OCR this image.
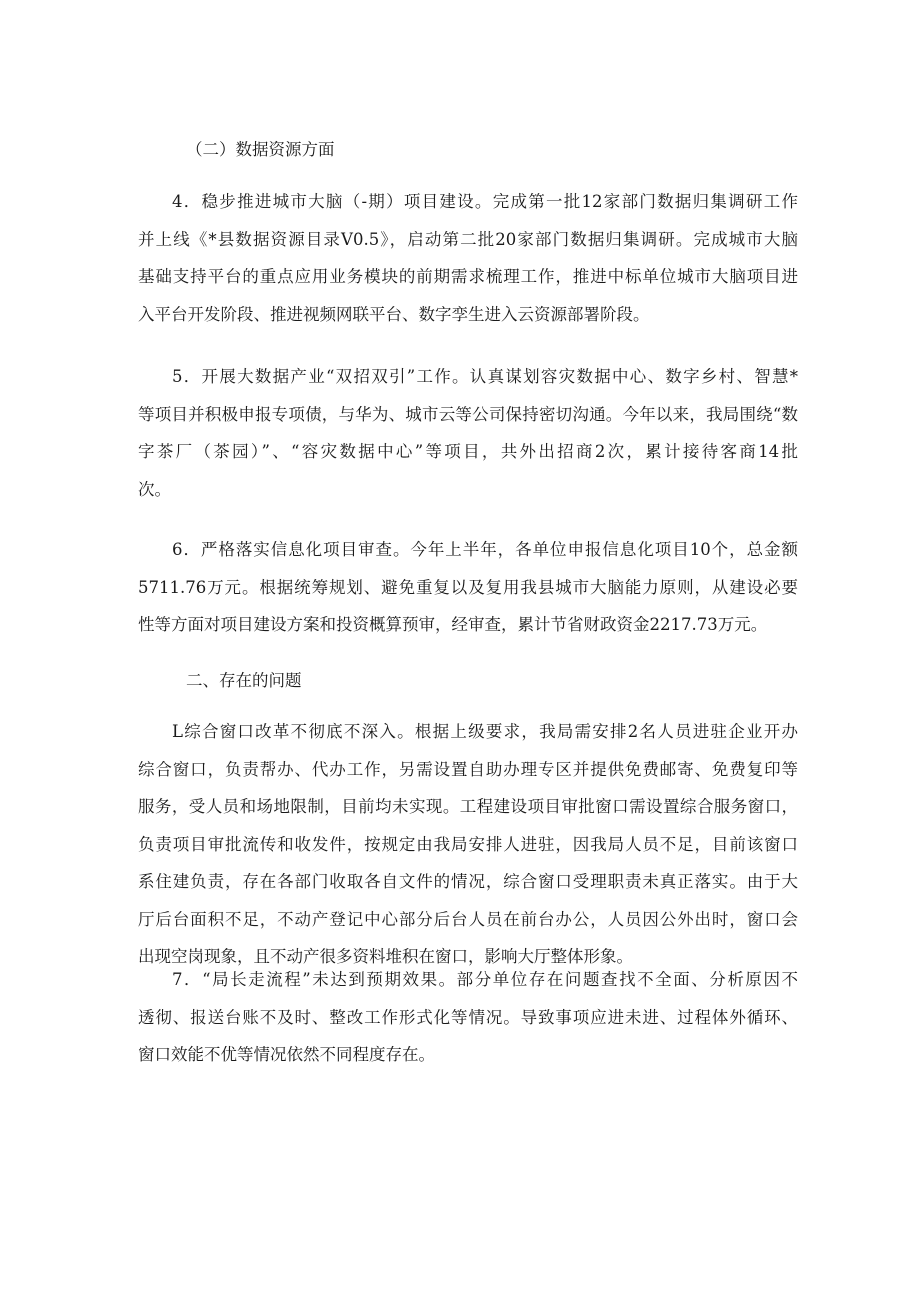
（二）数据资源方面
4．稳步推进城市大脑（-期）项目建设。完成第一批12家部门数据归集调研工作
并上线《*县数据资源目录V0.5》，启动第二批20家部门数据归集调研。完成城市大脑
基础支持平台的重点应用业务模块的前期需求梳理工作，推进中标单位城市大脑项目进
入平台开发阶段、推进视频网联平台、数字孪生进入云资源部署阶段。
5．开展大数据产业“双招双引”工作。认真谋划容灾数据中心、数字乡村、智慧*
等项目并积极申报专项债，与华为、城市云等公司保持密切沟通。今年以来，我局围绕“数
字茶厂（茶园）”、“容灾数据中心”等项目，共外出招商2次，累计接待客商14批
次。
6．严格落实信息化项目审查。今年上半年，各单位申报信息化项目10个，总金额
5711.76万元。根据统筹规划、避免重复以及复用我县城市大脑能力原则，从建设必要
性等方面对项目建设方案和投资概算预审，经审查，累计节省财政资金2217.73万元。
二、存在的问题
L综合窗口改革不彻底不深入。根据上级要求，我局需安排2名人员进驻企业开办
综合窗口，负责帮办、代办工作，另需设置自助办理专区并提供免费邮寄、免费复印等
服务，受人员和场地限制，目前均未实现。工程建设项目审批窗口需设置综合服务窗口，
负责项目审批流传和收发件，按规定由我局安排人进驻，因我局人员不足，目前该窗口
系住建负责，存在各部门收取各自文件的情况，综合窗口受理职责未真正落实。由于大
厅后台面积不足，不动产登记中心部分后台人员在前台办公，人员因公外出时，窗口会
出现空岗现象，且不动产很多资料堆积在窗口，影响大厅整体形象。
7．“局长走流程”未达到预期效果。部分单位存在问题查找不全面、分析原因不
透彻、报送台账不及时、整改工作形式化等情况。导致事项应进未进、过程体外循环、
窗口效能不优等情况依然不同程度存在。
